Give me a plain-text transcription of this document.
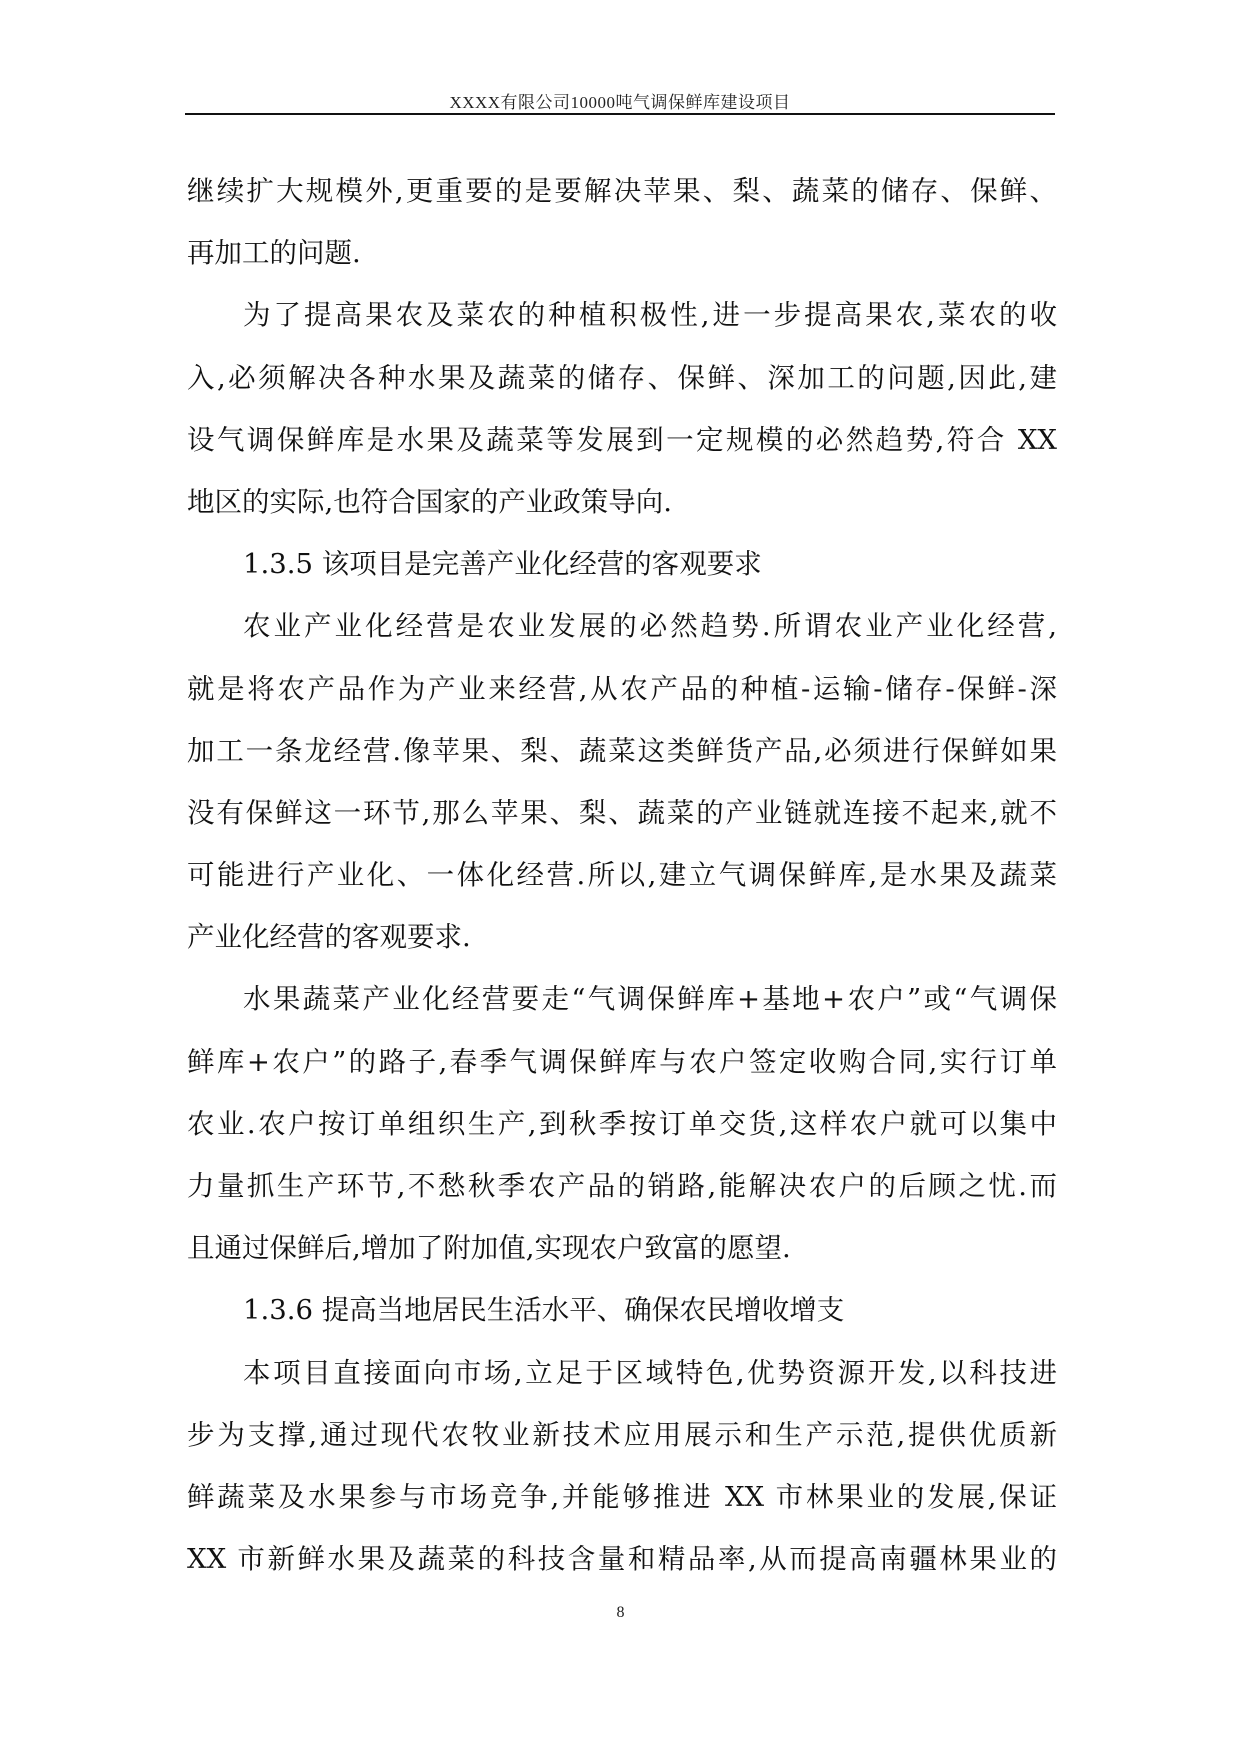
XXXX有限公司10000吨气调保鲜库建设项目
继续扩大规模外,更重要的是要解决苹果、梨、蔬菜的储存、保鲜、
再加工的问题.
为了提高果农及菜农的种植积极性,进一步提高果农,菜农的收
入,必须解决各种水果及蔬菜的储存、保鲜、深加工的问题,因此,建
设气调保鲜库是水果及蔬菜等发展到一定规模的必然趋势,符合 XX
地区的实际,也符合国家的产业政策导向.
1.3.5 该项目是完善产业化经营的客观要求
农业产业化经营是农业发展的必然趋势.所谓农业产业化经营,
就是将农产品作为产业来经营,从农产品的种植-运输-储存-保鲜-深
加工一条龙经营.像苹果、梨、蔬菜这类鲜货产品,必须进行保鲜如果
没有保鲜这一环节,那么苹果、梨、蔬菜的产业链就连接不起来,就不
可能进行产业化、一体化经营.所以,建立气调保鲜库,是水果及蔬菜
产业化经营的客观要求.
水果蔬菜产业化经营要走“气调保鲜库+基地+农户”或“气调保
鲜库+农户”的路子,春季气调保鲜库与农户签定收购合同,实行订单
农业.农户按订单组织生产,到秋季按订单交货,这样农户就可以集中
力量抓生产环节,不愁秋季农产品的销路,能解决农户的后顾之忧.而
且通过保鲜后,增加了附加值,实现农户致富的愿望.
1.3.6 提高当地居民生活水平、确保农民增收增支
本项目直接面向市场,立足于区域特色,优势资源开发,以科技进
步为支撑,通过现代农牧业新技术应用展示和生产示范,提供优质新
鲜蔬菜及水果参与市场竞争,并能够推进 XX 市林果业的发展,保证
XX 市新鲜水果及蔬菜的科技含量和精品率,从而提高南疆林果业的
8
